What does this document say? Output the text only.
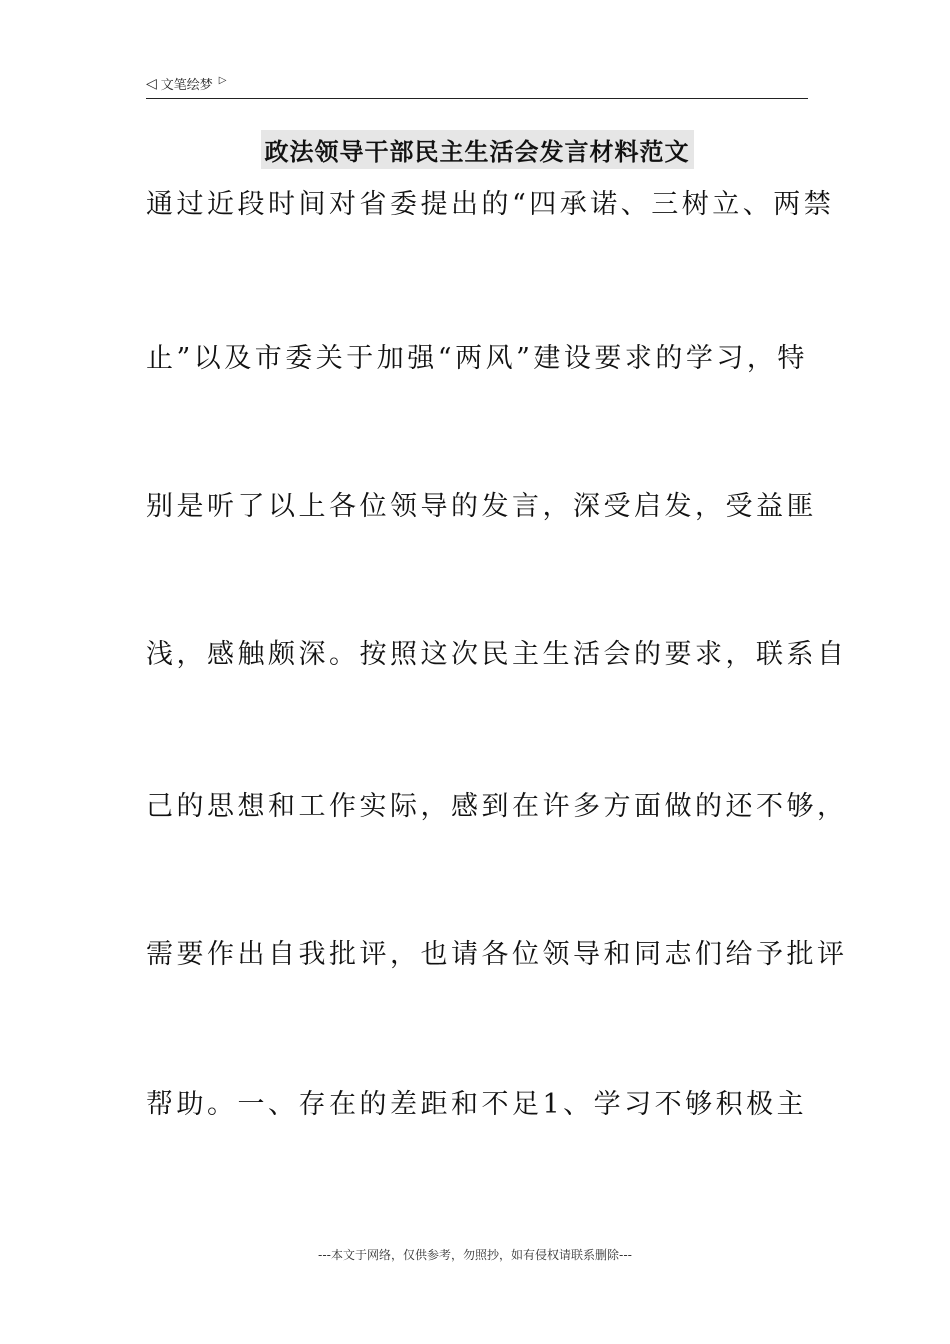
◁ 文笔绘梦 ▷
政法领导干部民主生活会发言材料范文
通过近段时间对省委提出的“四承诺、三树立、两禁
止”以及市委关于加强“两风”建设要求的学习，特
别是听了以上各位领导的发言，深受启发，受益匪
浅，感触颇深。按照这次民主生活会的要求，联系自
己的思想和工作实际，感到在许多方面做的还不够，
需要作出自我批评，也请各位领导和同志们给予批评
帮助。一、存在的差距和不足1、学习不够积极主
---本文于网络，仅供参考，勿照抄，如有侵权请联系删除---
